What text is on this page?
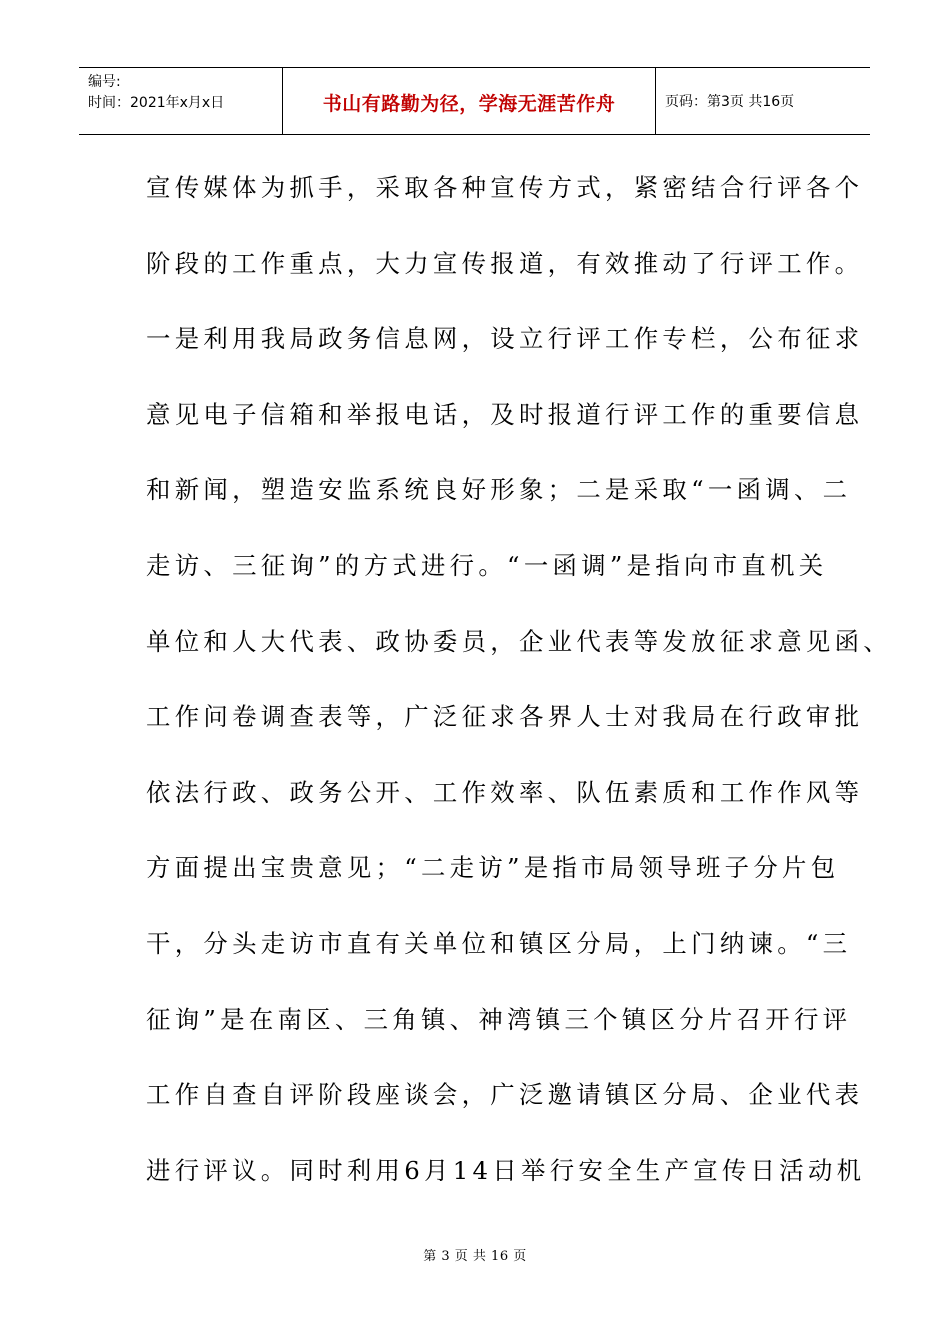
编号:
时间：2021年x月x日	书山有路勤为径，学海无涯苦作舟	页码：第3页 共16页
宣传媒体为抓手，采取各种宣传方式，紧密结合行评各个
阶段的工作重点，大力宣传报道，有效推动了行评工作。
一是利用我局政务信息网，设立行评工作专栏，公布征求
意见电子信箱和举报电话，及时报道行评工作的重要信息
和新闻，塑造安监系统良好形象；二是采取“一函调、二
走访、三征询”的方式进行。“一函调”是指向市直机关
单位和人大代表、政协委员，企业代表等发放征求意见函、
工作问卷调查表等，广泛征求各界人士对我局在行政审批
依法行政、政务公开、工作效率、队伍素质和工作作风等
方面提出宝贵意见；“二走访”是指市局领导班子分片包
干，分头走访市直有关单位和镇区分局，上门纳谏。“三
征询”是在南区、三角镇、神湾镇三个镇区分片召开行评
工作自查自评阶段座谈会，广泛邀请镇区分局、企业代表
进行评议。同时利用6月14日举行安全生产宣传日活动机
第 3 页 共 16 页
